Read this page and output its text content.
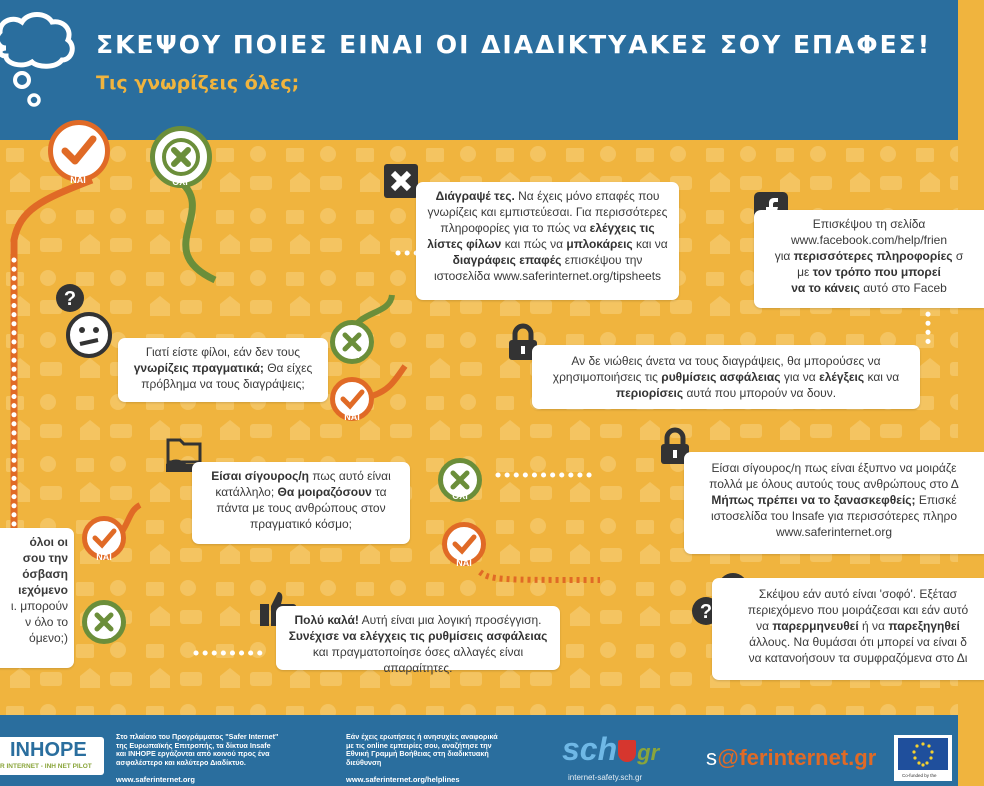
ΣΚΕΨΟΥ ΠΟΙΕΣ ΕΙΝΑΙ ΟΙ ΔΙΑΔΙΚΤΥΑΚΕΣ ΣΟΥ ΕΠΑΦΕΣ!
Τις γνωρίζεις όλες;
ΝΑΙ	ΟΧΙ
Διάγραψέ τες. Να έχεις μόνο επαφές που γνωρίζεις και εμπιστεύεσαι. Για περισσότερες πληροφορίες για το πώς να ελέγχεις τις λίστες φίλων και πώς να μπλοκάρεις και να διαγράφεις επαφές επισκέψου την ιστοσελίδα www.saferinternet.org/tipsheets
Επισκέψου τη σελίδα
www.facebook.com/help/frien
για περισσότερες πληροφορίες σ
με τον τρόπο που μπορεί
να το κάνεις αυτό στο Faceb
?
Γιατί είστε φίλοι, εάν δεν τους γνωρίζεις πραγματικά; Θα είχες πρόβλημα να τους διαγράψεις;
ΟΧΙ
ΝΑΙ
Αν δε νιώθεις άνετα να τους διαγράψεις, θα μπορούσες να χρησιμοποιήσεις τις ρυθμίσεις ασφάλειας για να ελέγξεις και να περιορίσεις αυτά που μπορούν να δουν.
Είσαι σίγουρος/η πως αυτό είναι κατάλληλο; Θα μοιραζόσουν τα πάντα με τους ανθρώπους στον πραγματικό κόσμο;
Είσαι σίγουρος/η πως είναι έξυπνο να μοιράζε
πολλά με όλους αυτούς τους ανθρώπους στο Δ
Μήπως πρέπει να το ξανασκεφθείς; Επισκέ
ιστοσελίδα του Insafe για περισσότερες πληρο
www.saferinternet.org
ΟΧΙ
ΝΑΙ
όλοι οι
σου την
όσβαση
ιεχόμενο
ι. μπορούν
ν όλο το
όμενο;)
ΝΑΙ
ΟΧΙ
Πολύ καλά! Αυτή είναι μια λογική προσέγγιση. Συνέχισε να ελέγχεις τις ρυθμίσεις ασφάλειας και πραγματοποίησε όσες αλλαγές είναι απαραίτητες.
?
Σκέψου εάν αυτό είναι 'σοφό'. Εξέτασ
περιεχόμενο που μοιράζεσαι και εάν αυτό
να παρερμηνευθεί ή να παρεξηγηθεί
άλλους. Να θυμάσαι ότι μπορεί να είναι δ
να κατανοήσουν τα συμφραζόμενα στο Δι
INHOPE
R INTERNET - INH NET PILOT
Στο πλαίσιο του Προγράμματος "Safer Internet"
της Ευρωπαϊκής Επιτροπής, τα δίκτυα Insafe
και INHOPE εργάζονται από κοινού προς ένα
ασφαλέστερο και καλύτερο Διαδίκτυο.
www.saferinternet.org
Εάν έχεις ερωτήσεις ή ανησυχίες αναφορικά
με τις online εμπειρίες σου, αναζήτησε την
Εθνική Γραμμή Βοήθειας στη διαδικτυακή
διεύθυνση
www.saferinternet.org/helplines
sch gr
internet-safety.sch.gr
s@ferinternet.gr
Co-funded by the
